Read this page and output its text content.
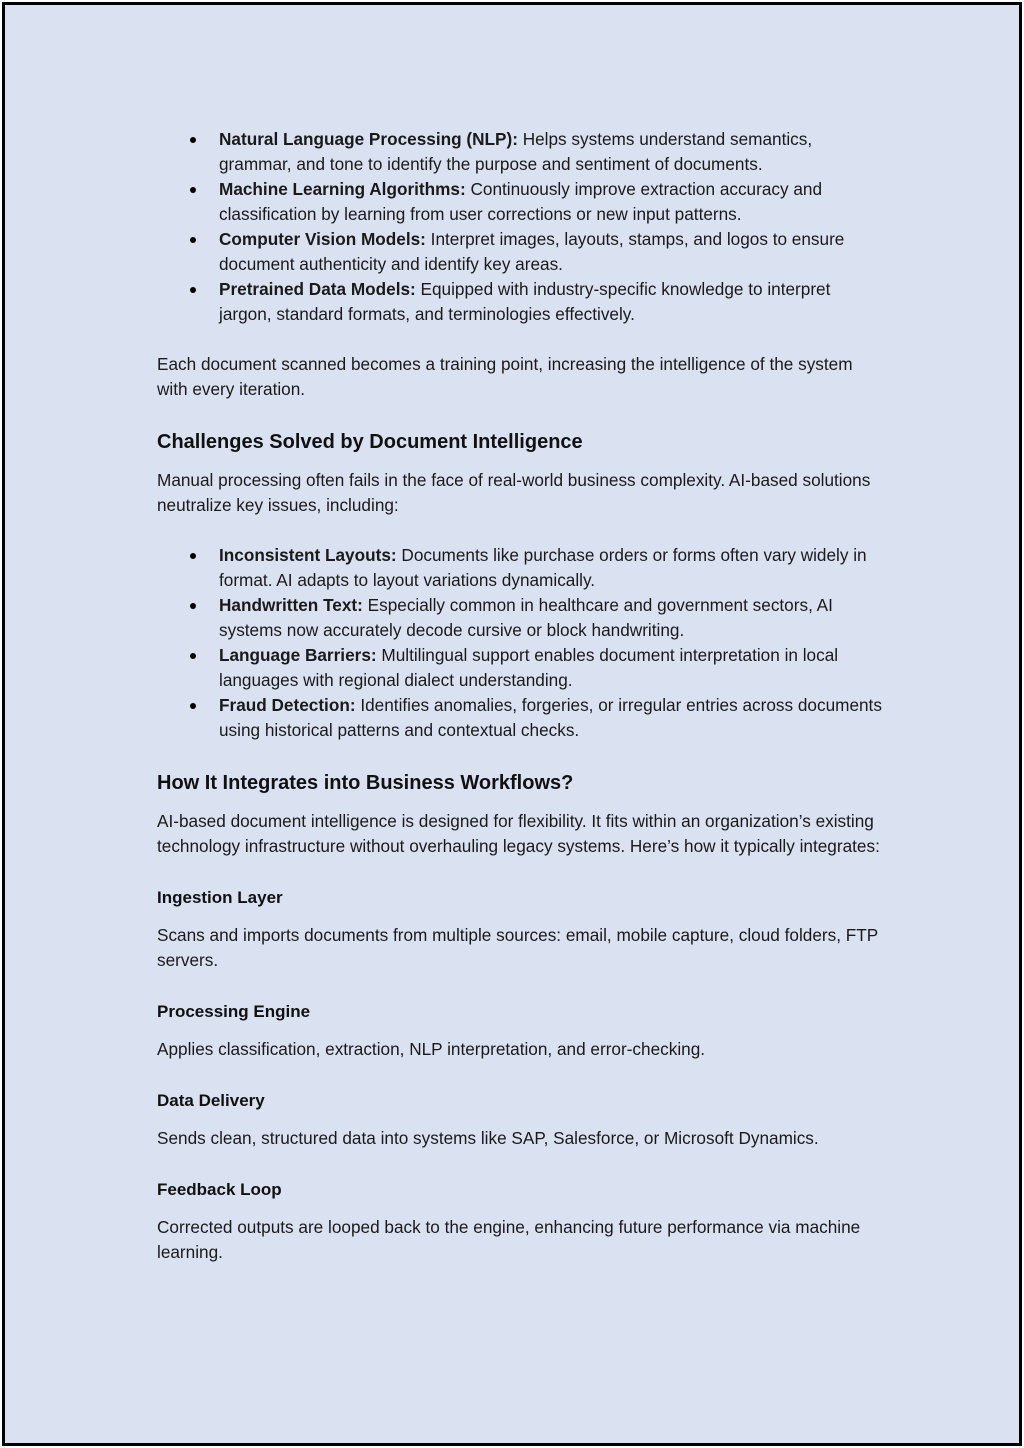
Natural Language Processing (NLP): Helps systems understand semantics, grammar, and tone to identify the purpose and sentiment of documents.
Machine Learning Algorithms: Continuously improve extraction accuracy and classification by learning from user corrections or new input patterns.
Computer Vision Models: Interpret images, layouts, stamps, and logos to ensure document authenticity and identify key areas.
Pretrained Data Models: Equipped with industry-specific knowledge to interpret jargon, standard formats, and terminologies effectively.

Each document scanned becomes a training point, increasing the intelligence of the system with every iteration.

Challenges Solved by Document Intelligence

Manual processing often fails in the face of real-world business complexity. AI-based solutions neutralize key issues, including:

Inconsistent Layouts: Documents like purchase orders or forms often vary widely in format. AI adapts to layout variations dynamically.
Handwritten Text: Especially common in healthcare and government sectors, AI systems now accurately decode cursive or block handwriting.
Language Barriers: Multilingual support enables document interpretation in local languages with regional dialect understanding.
Fraud Detection: Identifies anomalies, forgeries, or irregular entries across documents using historical patterns and contextual checks.
How It Integrates into Business Workflows?

AI-based document intelligence is designed for flexibility. It fits within an organization’s existing technology infrastructure without overhauling legacy systems. Here’s how it typically integrates:

Ingestion Layer

Scans and imports documents from multiple sources: email, mobile capture, cloud folders, FTP servers.

Processing Engine

Applies classification, extraction, NLP interpretation, and error-checking.

Data Delivery

Sends clean, structured data into systems like SAP, Salesforce, or Microsoft Dynamics.

Feedback Loop

Corrected outputs are looped back to the engine, enhancing future performance via machine learning.
